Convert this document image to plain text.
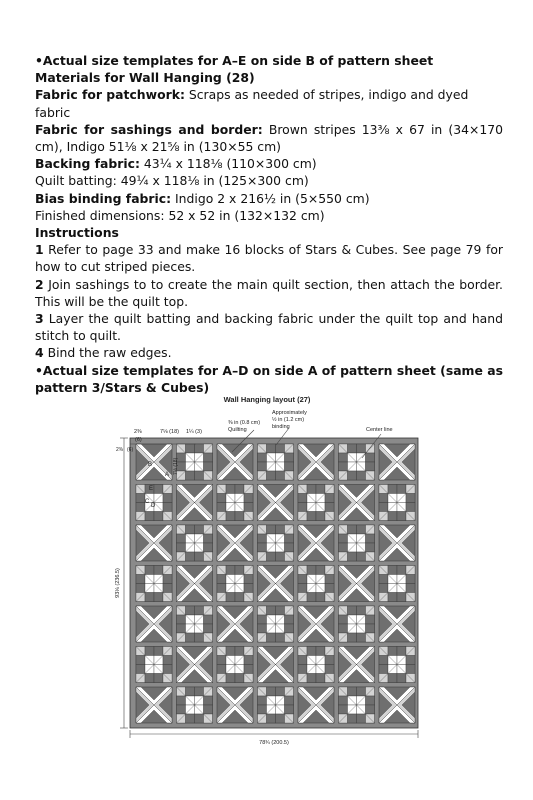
•Actual size templates for A–E on side B of pattern sheet

Materials for Wall Hanging (28)

Fabric for patchwork: Scraps as needed of stripes, indigo and dyed fabric

Fabric for sashings and border: Brown stripes 13⅜ x 67 in (34×170 cm), Indigo 51⅛ x 21⅝ in (130×55 cm)

Backing fabric: 43¼ x 118⅛ (110×300 cm)

Quilt batting: 49¼ x 118⅛ in (125×300 cm)

Bias binding fabric: Indigo 2 x 216½ in (5×550 cm)

Finished dimensions: 52 x 52 in (132×132 cm)

Instructions

1 Refer to page 33 and make 16 blocks of Stars & Cubes. See page 79 for how to cut striped pieces.

2 Join sashings to to create the main quilt section, then attach the border. This will be the quilt top.

3 Layer the quilt batting and backing fabric under the quilt top and hand stitch to quilt.

4 Bind the raw edges.

•Actual size templates for A–D on side A of pattern sheet (same as pattern 3/Stars & Cubes)

Wall Hanging layout (27)
2⅜
(6)
7⅛ (18) 1¼ (3)
⅜ in (0.8 cm)
Quilting
Approximately
½ in (1.2 cm)
binding	Center line
2⅜ (6)
7⅛ (18)
B
A
E
C
D
93⅛ (236.5)
78¾ (200.5)
